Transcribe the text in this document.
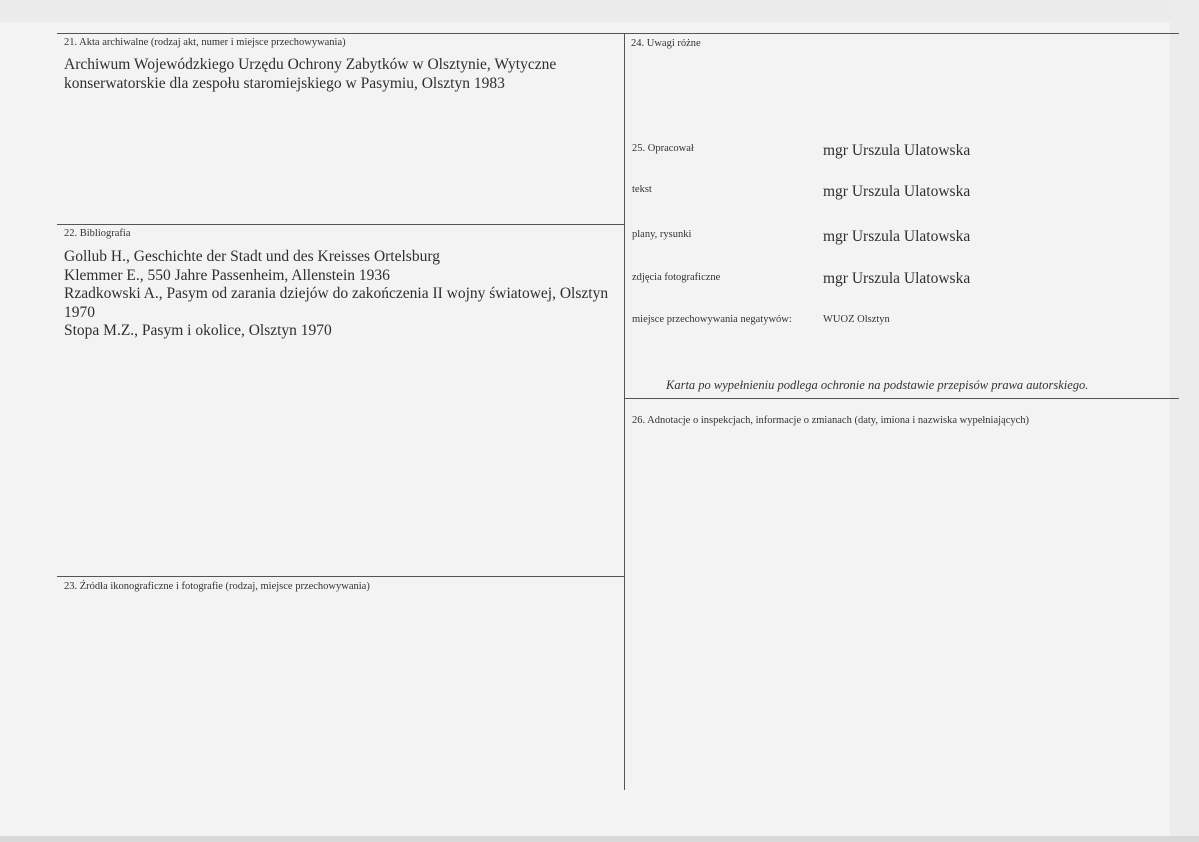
21. Akta archiwalne (rodzaj akt, numer i miejsce przechowywania)
Archiwum Wojewódzkiego Urzędu Ochrony Zabytków w Olsztynie, Wytyczne
konserwatorskie dla zespołu staromiejskiego w Pasymiu, Olsztyn 1983
22. Bibliografia
Gollub H., Geschichte der Stadt und des Kreisses Ortelsburg
Klemmer E., 550 Jahre Passenheim, Allenstein 1936
Rzadkowski A., Pasym od zarania dziejów do zakończenia II wojny światowej, Olsztyn
1970
Stopa M.Z., Pasym i okolice, Olsztyn 1970
23. Źródła ikonograficzne i fotografie (rodzaj, miejsce przechowywania)
24. Uwagi różne
25. Opracował	mgr Urszula Ulatowska
tekst	mgr Urszula Ulatowska
plany, rysunki	mgr Urszula Ulatowska
zdjęcia fotograficzne	mgr Urszula Ulatowska
miejsce przechowywania negatywów:	WUOZ Olsztyn
Karta po wypełnieniu podlega ochronie na podstawie przepisów prawa autorskiego.
26. Adnotacje o inspekcjach, informacje o zmianach (daty, imiona i nazwiska wypełniających)
